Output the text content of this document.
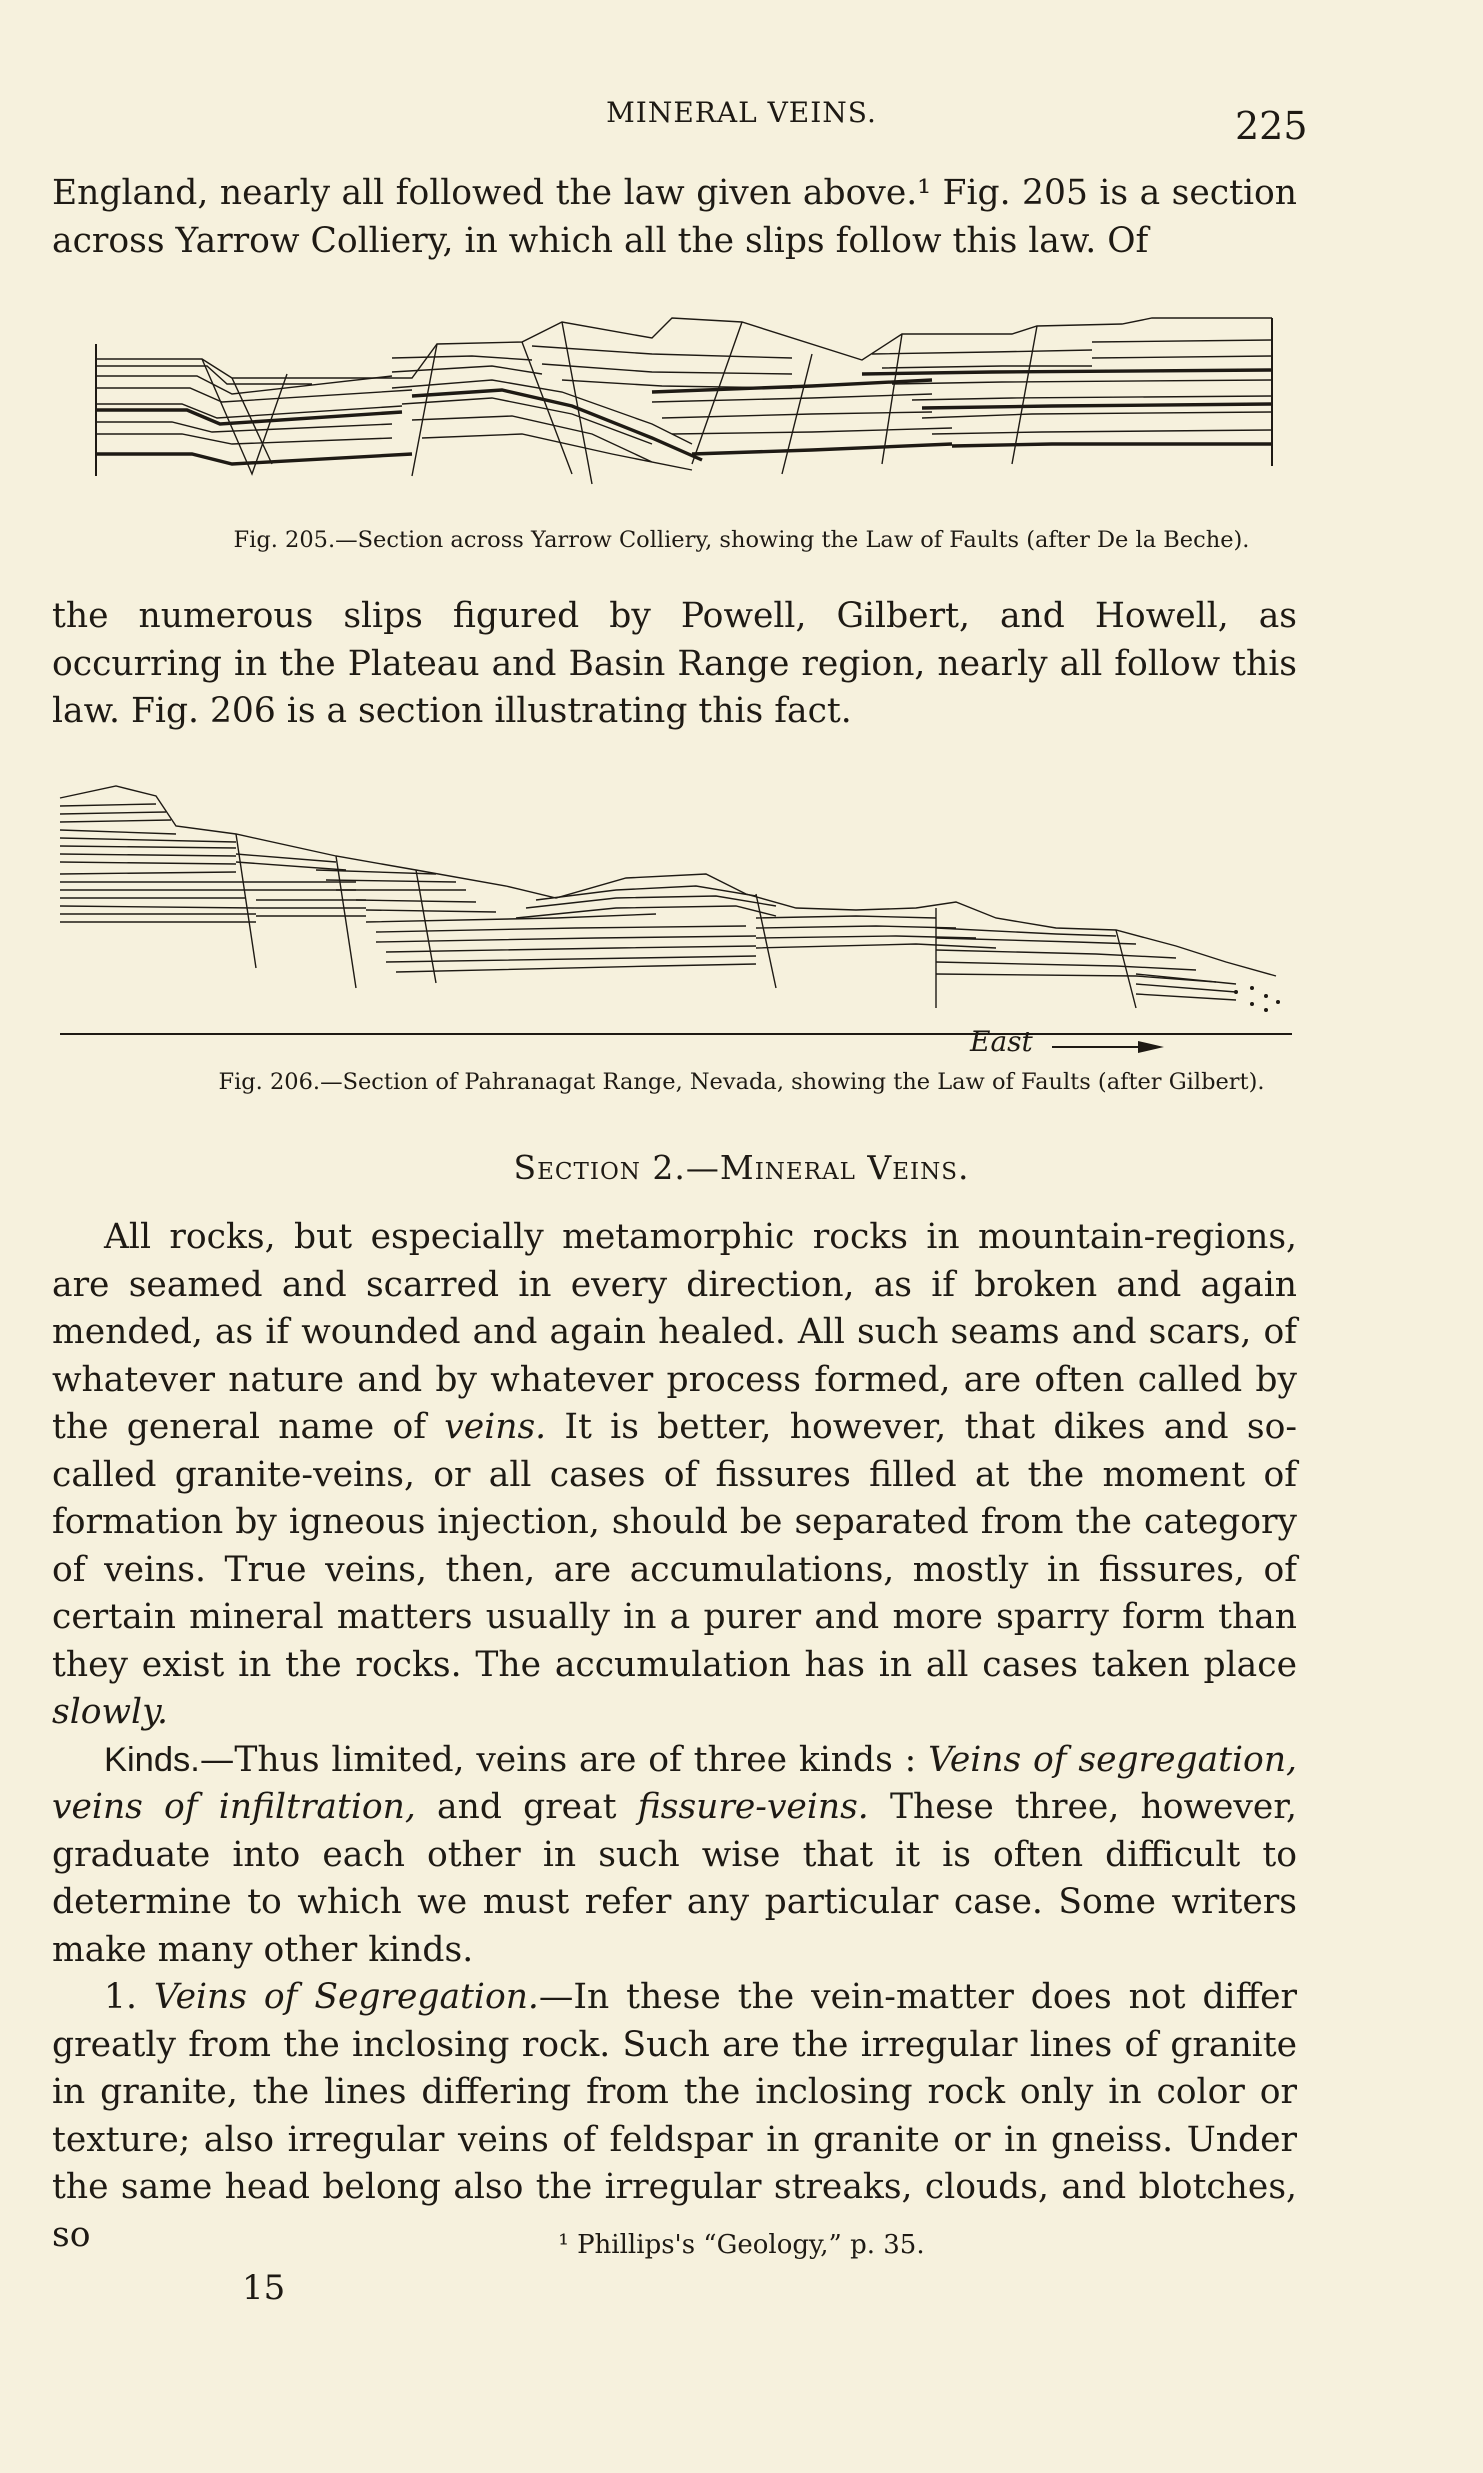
MINERAL VEINS.	225

England, nearly all followed the law given above.¹ Fig. 205 is a section across Yarrow Colliery, in which all the slips follow this law. Of

Fig. 205.—Section across Yarrow Colliery, showing the Law of Faults (after De la Beche).

the numerous slips figured by Powell, Gilbert, and Howell, as occurring in the Plateau and Basin Range region, nearly all follow this law. Fig. 206 is a section illustrating this fact.

East
Fig. 206.—Section of Pahranagat Range, Nevada, showing the Law of Faults (after Gilbert).
Section 2.—Mineral Veins.

All rocks, but especially metamorphic rocks in mountain-regions, are seamed and scarred in every direction, as if broken and again mended, as if wounded and again healed. All such seams and scars, of whatever nature and by whatever process formed, are often called by the general name of veins. It is better, however, that dikes and so-called granite-veins, or all cases of fissures filled at the moment of formation by igneous injection, should be separated from the category of veins. True veins, then, are accumulations, mostly in fissures, of certain mineral matters usually in a purer and more sparry form than they exist in the rocks. The accumulation has in all cases taken place slowly.

Kinds.—Thus limited, veins are of three kinds : Veins of segregation, veins of infiltration, and great fissure-veins. These three, however, graduate into each other in such wise that it is often difficult to determine to which we must refer any particular case. Some writers make many other kinds.

1. Veins of Segregation.—In these the vein-matter does not differ greatly from the inclosing rock. Such are the irregular lines of granite in granite, the lines differing from the inclosing rock only in color or texture; also irregular veins of feldspar in granite or in gneiss. Under the same head belong also the irregular streaks, clouds, and blotches, so	¹ Phillips's “Geology,” p. 35.
15
